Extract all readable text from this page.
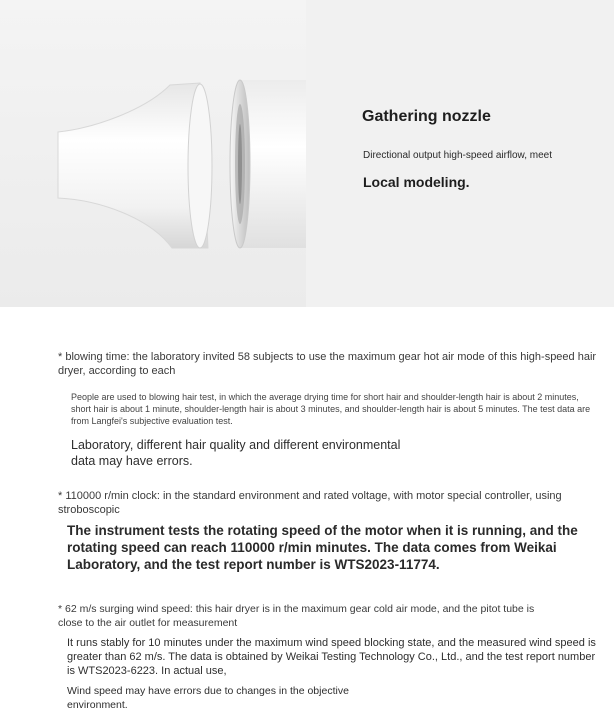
Gathering nozzle

Directional output high-speed airflow, meet

Local modeling.

* blowing time: the laboratory invited 58 subjects to use the maximum gear hot air mode of this high-speed hair dryer, according to each

People are used to blowing hair test, in which the average drying time for short hair and shoulder-length hair is about 2 minutes, short hair is about 1 minute, shoulder-length hair is about 3 minutes, and shoulder-length hair is about 5 minutes. The test data are from Langfei's subjective evaluation test.

Laboratory, different hair quality and different environmental data may have errors.

* 110000 r/min clock: in the standard environment and rated voltage, with motor special controller, using stroboscopic

The instrument tests the rotating speed of the motor when it is running, and the rotating speed can reach 110000 r/min minutes. The data comes from Weikai Laboratory, and the test report number is WTS2023-11774.

* 62 m/s surging wind speed: this hair dryer is in the maximum gear cold air mode, and the pitot tube is close to the air outlet for measurement

It runs stably for 10 minutes under the maximum wind speed blocking state, and the measured wind speed is greater than 62 m/s. The data is obtained by Weikai Testing Technology Co., Ltd., and the test report number is WTS2023-6223. In actual use,

Wind speed may have errors due to changes in the objective environment.
